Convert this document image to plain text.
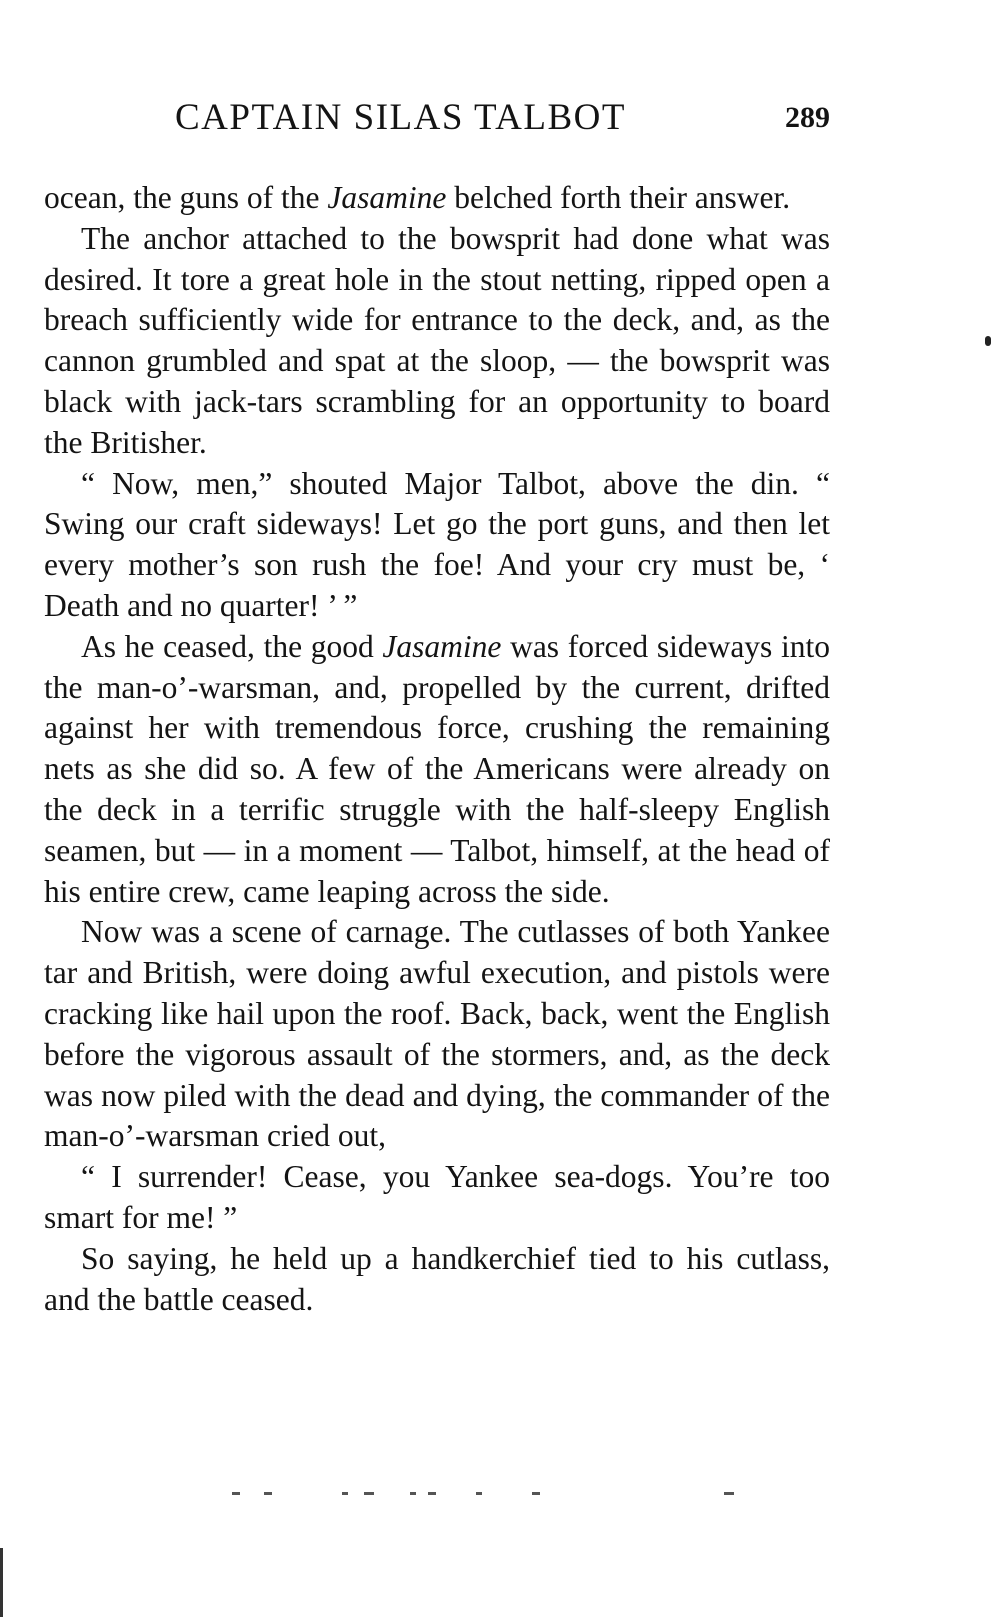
CAPTAIN SILAS TALBOT	289

ocean, the guns of the Jasamine belched forth their answer.

The anchor attached to the bowsprit had done what was desired. It tore a great hole in the stout netting, ripped open a breach sufficiently wide for entrance to the deck, and, as the cannon grumbled and spat at the sloop, — the bowsprit was black with jack-tars scrambling for an opportunity to board the Britisher.

“ Now, men,” shouted Major Talbot, above the din. “ Swing our craft sideways! Let go the port guns, and then let every mother’s son rush the foe! And your cry must be, ‘ Death and no quarter! ’ ”

As he ceased, the good Jasamine was forced sideways into the man-o’-warsman, and, propelled by the current, drifted against her with tremendous force, crushing the remaining nets as she did so. A few of the Americans were already on the deck in a terrific struggle with the half-sleepy English seamen, but — in a moment — Talbot, himself, at the head of his entire crew, came leaping across the side.

Now was a scene of carnage. The cutlasses of both Yankee tar and British, were doing awful execution, and pistols were cracking like hail upon the roof. Back, back, went the English before the vigorous assault of the stormers, and, as the deck was now piled with the dead and dying, the commander of the man-o’-warsman cried out,

“ I surrender! Cease, you Yankee sea-dogs. You’re too smart for me! ”

So saying, he held up a handkerchief tied to his cutlass, and the battle ceased.
